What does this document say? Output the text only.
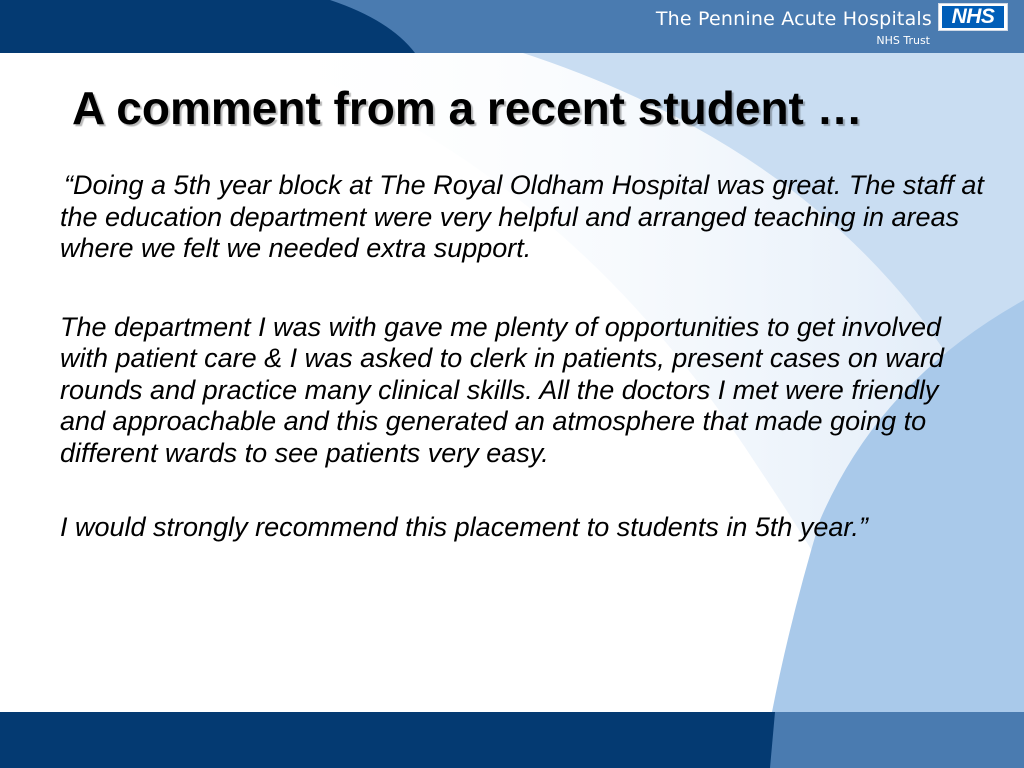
The Pennine Acute Hospitals
NHS Trust
NHS
A comment from a recent student …

“Doing a 5th year block at The Royal Oldham Hospital was great. The staff at the education department were very helpful and arranged teaching in areas where we felt we needed extra support.

The department I was with gave me plenty of opportunities to get involved with patient care & I was asked to clerk in patients, present cases on ward rounds and practice many clinical skills. All the doctors I met were friendly and approachable and this generated an atmosphere that made going to different wards to see patients very easy.

I would strongly recommend this placement to students in 5th year.”
